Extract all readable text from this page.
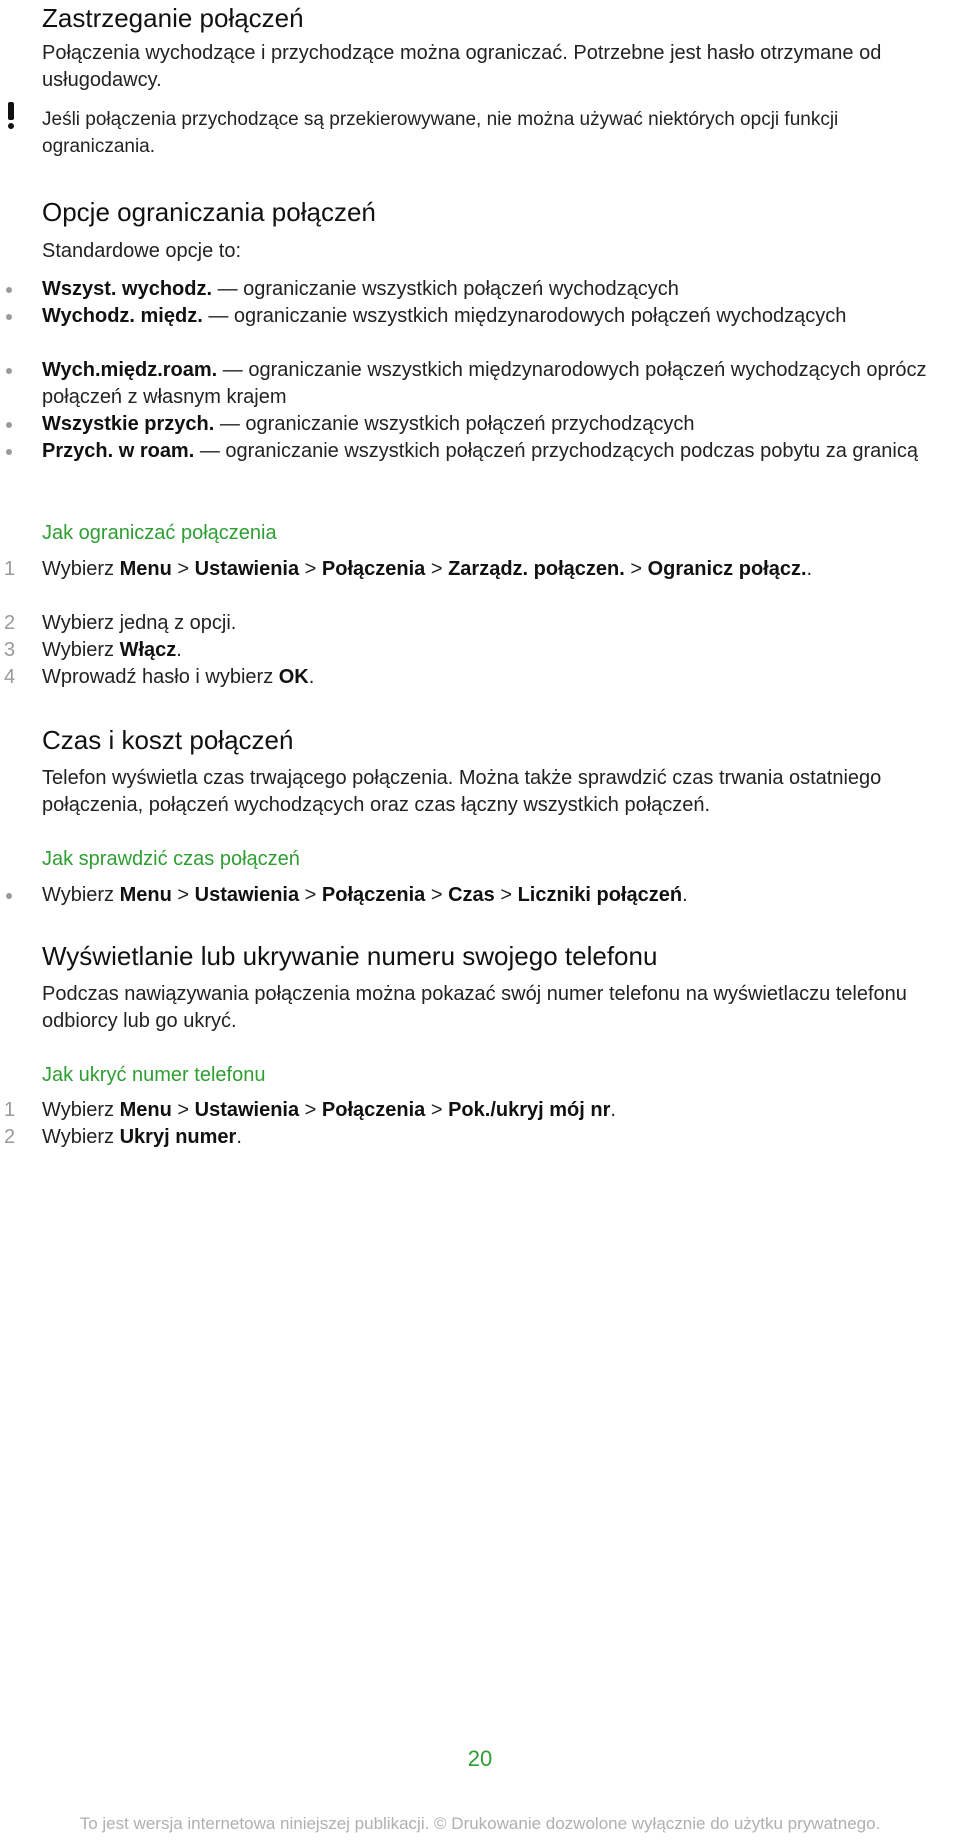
Zastrzeganie połączeń

Połączenia wychodzące i przychodzące można ograniczać. Potrzebne jest hasło otrzymane od usługodawcy.

Jeśli połączenia przychodzące są przekierowywane, nie można używać niektórych opcji funkcji ograniczania.

Opcje ograniczania połączeń

Standardowe opcje to:

Wszyst. wychodz. — ograniczanie wszystkich połączeń wychodzących
Wychodz. międz. — ograniczanie wszystkich międzynarodowych połączeń wychodzących
Wych.międz.roam. — ograniczanie wszystkich międzynarodowych połączeń wychodzących oprócz połączeń z własnym krajem
Wszystkie przych. — ograniczanie wszystkich połączeń przychodzących
Przych. w roam. — ograniczanie wszystkich połączeń przychodzących podczas pobytu za granicą

Jak ograniczać połączenia

1	Wybierz Menu > Ustawienia > Połączenia > Zarządz. połączen. > Ogranicz połącz..
2	Wybierz jedną z opcji.
3	Wybierz Włącz.
4	Wprowadź hasło i wybierz OK.
Czas i koszt połączeń

Telefon wyświetla czas trwającego połączenia. Można także sprawdzić czas trwania ostatniego połączenia, połączeń wychodzących oraz czas łączny wszystkich połączeń.

Jak sprawdzić czas połączeń

Wybierz Menu > Ustawienia > Połączenia > Czas > Liczniki połączeń.
Wyświetlanie lub ukrywanie numeru swojego telefonu

Podczas nawiązywania połączenia można pokazać swój numer telefonu na wyświetlaczu telefonu odbiorcy lub go ukryć.

Jak ukryć numer telefonu

1	Wybierz Menu > Ustawienia > Połączenia > Pok./ukryj mój nr.
2	Wybierz Ukryj numer.
20
To jest wersja internetowa niniejszej publikacji. © Drukowanie dozwolone wyłącznie do użytku prywatnego.
